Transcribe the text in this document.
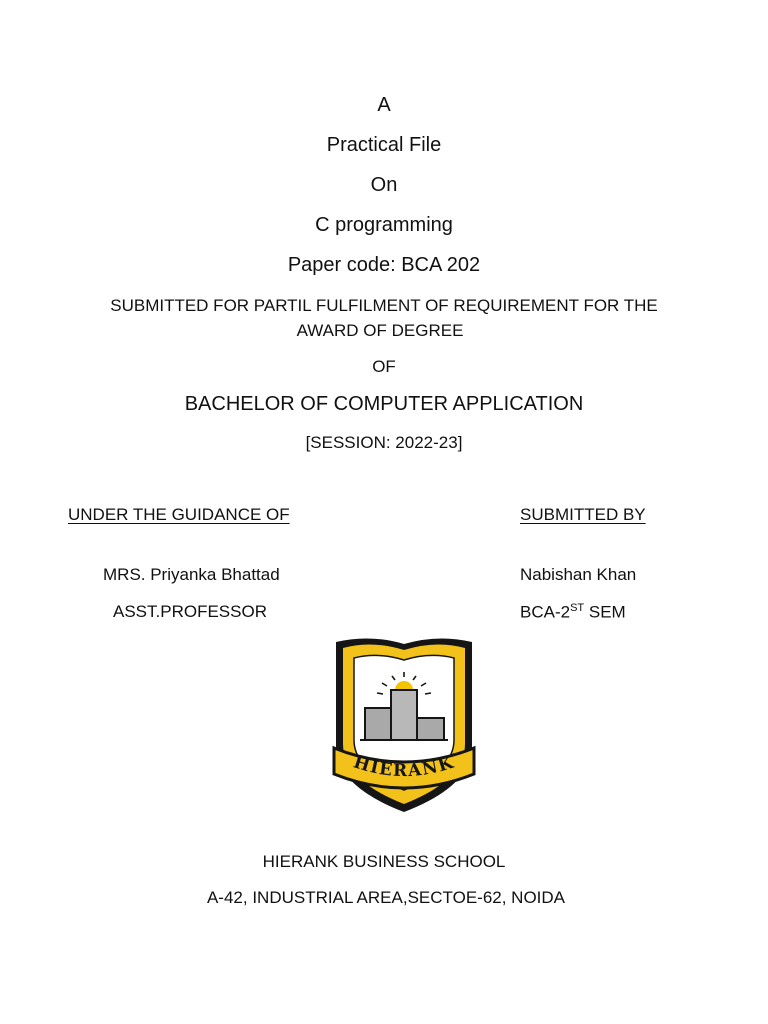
A
Practical File
On
C programming
Paper code: BCA 202
SUBMITTED FOR PARTIL FULFILMENT OF REQUIREMENT FOR THE
AWARD OF DEGREE
OF
BACHELOR OF COMPUTER APPLICATION
[SESSION: 2022-23]
UNDER THE GUIDANCE OF
MRS. Priyanka Bhattad
ASST.PROFESSOR
SUBMITTED BY
Nabishan Khan
BCA-2ST SEM
HIERANK
HIERANK BUSINESS SCHOOL
A-42, INDUSTRIAL AREA,SECTOE-62, NOIDA
